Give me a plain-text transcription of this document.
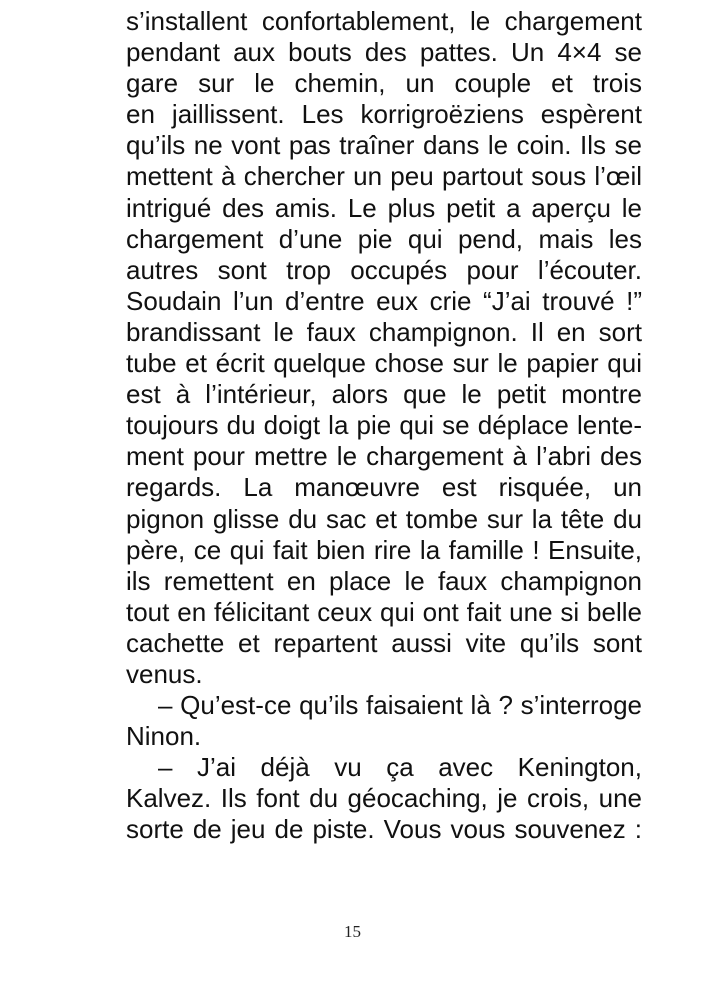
s’installent confortablement, le chargement
pendant aux bouts des pattes. Un 4×4 se
gare sur le chemin, un couple et trois
en jaillissent. Les korrigroëziens espèrent
qu’ils ne vont pas traîner dans le coin. Ils se
mettent à chercher un peu partout sous l’œil
intrigué des amis. Le plus petit a aperçu le
chargement d’une pie qui pend, mais les
autres sont trop occupés pour l’écouter.
Soudain l’un d’entre eux crie “J’ai trouvé !”
brandissant le faux champignon. Il en sort
tube et écrit quelque chose sur le papier qui
est à l’intérieur, alors que le petit montre
toujours du doigt la pie qui se déplace lente-
ment pour mettre le chargement à l’abri des
regards. La manœuvre est risquée, un
pignon glisse du sac et tombe sur la tête du
père, ce qui fait bien rire la famille ! Ensuite,
ils remettent en place le faux champignon
tout en félicitant ceux qui ont fait une si belle
cachette et repartent aussi vite qu’ils sont
venus.
– Qu’est-ce qu’ils faisaient là ? s’interroge
Ninon.
– J’ai déjà vu ça avec Kenington,
Kalvez. Ils font du géocaching, je crois, une
sorte de jeu de piste. Vous vous souvenez :
15
